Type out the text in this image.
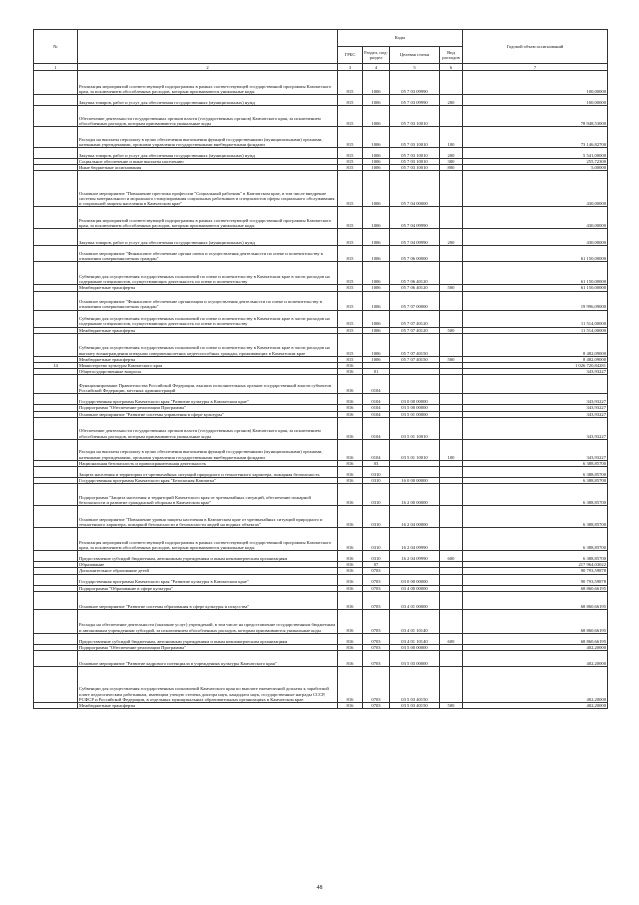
№		Коды				Годовой объем ассигнований
		ГРБС	Раздел, под-раздел	Целевая статья	Вид расходов	
1	2	3	4	5	6	7
	Реализация мероприятий соответствующей подпрограммы в рамках соответствующей государственной программы Камчатского края, за исключением обособленных расходов, которым присваиваются уникальные коды	815	1006	05 7 03 09990		100,00000
	Закупка товаров, работ и услуг для обеспечения государственных (муниципальных) нужд	815	1006	05 7 03 09990	200	100,00000
	Обеспечение деятельности государственных органов власти (государственных органов) Камчатского края, за исключением обособленных расходов, которым присваиваются уникальные коды	815	1006	05 7 03 10010		78 948,53000
	Расходы на выплаты персоналу в целях обеспечения выполнения функций государственными (муниципальными) органами, казенными учреждениями, органами управления государственными внебюджетными фондами	815	1006	05 7 03 10010	100	73 146,82700
	Закупка товаров, работ и услуг для обеспечения государственных (муниципальных) нужд	815	1006	05 7 03 10010	200	5 541,00000
	Социальное обеспечение и иные выплаты населению	815	1006	05 7 03 10010	300	255,72300
	Иные бюджетные ассигнования	815	1006	05 7 03 10010	800	5,00000
	Основное мероприятие "Повышение престижа профессии "Социальный работник" в Камчатском крае, в том числе внедрение системы материального и морального стимулирования социальных работников и специалистов сферы социального обслуживания и социальной защиты населения в Камчатском крае"	815	1006	05 7 04 00000		430,00000
	Реализация мероприятий соответствующей подпрограммы в рамках соответствующей государственной программы Камчатского края, за исключением обособленных расходов, которым присваиваются уникальные коды	815	1006	05 7 04 09990		430,00000
	Закупка товаров, работ и услуг для обеспечения государственных (муниципальных) нужд	815	1006	05 7 04 09990	200	430,00000
	Основное мероприятие "Финансовое обеспечение органа опеки и осуществления деятельности по опеке и попечительству в отношении совершеннолетних граждан"	815	1006	05 7 06 00000		61 150,00000
	Субвенции для осуществления государственных полномочий по опеке и попечительству в Камчатском крае в части расходов на содержание специалистов, осуществляющих деятельность по опеке и попечительству	815	1006	05 7 06 40120		61 150,00000
	Межбюджетные трансферты	815	1006	05 7 06 40120	500	61 150,00000
	Основное мероприятие "Финансовое обеспечение организации и осуществления деятельности по опеке и попечительству в отношении совершеннолетних граждан"	815	1006	05 7 07 00000		19 996,09000
	Субвенции для осуществления государственных полномочий по опеке и попечительству в Камчатском крае в части расходов на содержание специалистов, осуществляющих деятельность по опеке и попечительству	815	1006	05 7 07 40120		11 514,00000
	Межбюджетные трансферты	815	1006	05 7 07 40120	500	11 514,00000
	Субвенции для осуществления государственных полномочий по опеке и попечительству в Камчатском крае в части расходов на выплату вознаграждения опекунам совершеннолетних недееспособных граждан, проживающих в Камчатском крае	815	1006	05 7 07 40150		8 482,09000
	Межбюджетные трансферты	815	1006	05 7 07 40150	500	8 482,09000
14	Министерство культуры Камчатского края	816				1 026 720,84281
	Общегосударственные вопросы	816	01			343,93227
	Функционирование Правительства Российской Федерации, высших исполнительных органов государственной власти субъектов Российской Федерации, местных администраций	816	0104			
	Государственная программа Камчатского края "Развитие культуры в Камчатском крае"	816	0104	03 0 00 00000		343,93227
	Подпрограмма "Обеспечение реализации Программы"	816	0104	03 5 00 00000		343,93227
	Основное мероприятие "Развитие системы управления в сфере культуры"	816	0104	03 5 01 00000		343,93227
	Обеспечение деятельности государственных органов власти (государственных органов) Камчатского края, за исключением обособленных расходов, которым присваиваются уникальные коды	816	0104	03 5 01 10010		343,93227
	Расходы на выплаты персоналу в целях обеспечения выполнения функций государственными (муниципальными) органами, казенными учреждениями, органами управления государственными внебюджетными фондами	816	0104	03 5 01 10010	100	343,93227
	Национальная безопасность и правоохранительная деятельность	816	03			6 388,85700
	Защита населения и территории от чрезвычайных ситуаций природного и техногенного характера, пожарная безопасность	816	0310			6 388,85700
	Государственная программа Камчатского края "Безопасная Камчатка"	816	0310	16 0 00 00000		6 388,85700
	Подпрограмма "Защита населения и территорий Камчатского края от чрезвычайных ситуаций, обеспечение пожарной безопасности и развитие гражданской обороны в Камчатском крае"	816	0310	16 2 00 00000		6 388,85700
	Основное мероприятие "Повышение уровня защиты населения в Камчатском крае от чрезвычайных ситуаций природного и техногенного характера, пожарной безопасности и безопасности людей на водных объектах"	816	0310	16 2 04 00000		6 388,85700
	Реализация мероприятий соответствующей подпрограммы в рамках соответствующей государственной программы Камчатского края, за исключением обособленных расходов, которым присваиваются уникальные коды	816	0310	16 2 04 09990		6 388,85700
	Предоставление субсидий бюджетным, автономным учреждениям и иным некоммерческим организациям	816	0310	16 2 04 09990	600	6 388,85700
	Образование	816	07			217 964,03022
	Дополнительное образование детей	816	0703			90 793,59878
	Государственная программа Камчатского края "Развитие культуры в Камчатском крае"	816	0703	03 0 00 00000		90 793,59878
	Подпрограмма "Образование в сфере культуры"	816	0703	03 4 00 00000		68 860,66195
	Основное мероприятие "Развитие системы образования в сфере культуры и искусства"	816	0703	03 4 01 00000		68 860,66195
	Расходы на обеспечение деятельности (оказание услуг) учреждений, в том числе на предоставление государственным бюджетным и автономным учреждениям субсидий, за исключением обособленных расходов, которым присваиваются уникальные коды	816	0703	03 4 01 10140		68 860,66195
	Предоставление субсидий бюджетным, автономным учреждениям и иным некоммерческим организациям	816	0703	03 4 01 10140	600	68 860,66195
	Подпрограмма "Обеспечение реализации Программы"	816	0703	03 5 00 00000		402,20000
	Основное мероприятие "Развитие кадрового потенциала в учреждениях культуры Камчатского края"	816	0703	03 5 03 00000		402,20000
	Субвенции для осуществления государственных полномочий Камчатского края по выплате ежемесячной доплаты к заработной плате педагогическим работникам, имеющим ученую степень доктора наук, кандидата наук, государственные награды СССР, РСФСР и Российской Федерации, в отдельных муниципальных образовательных организациях в Камчатском крае	816	0703	03 5 03 40150		402,20000
	Межбюджетные трансферты	816	0703	03 5 03 40150	500	402,20000
48
